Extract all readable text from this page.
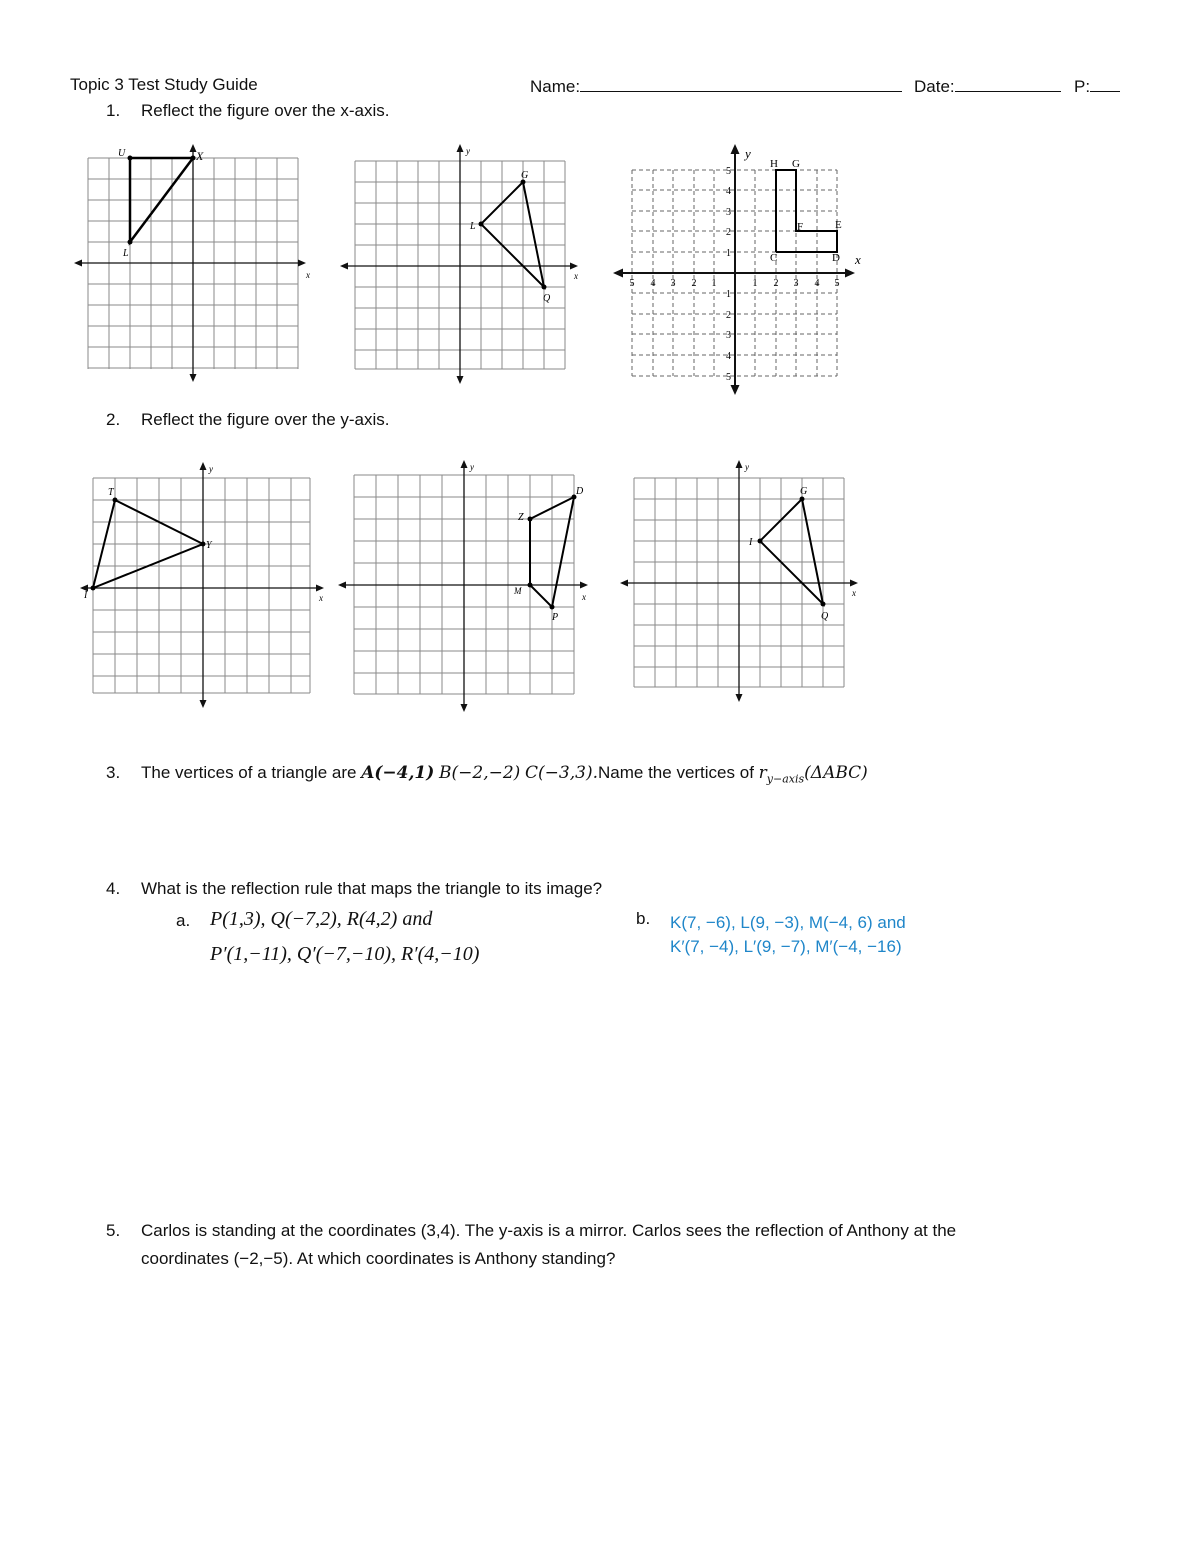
Topic 3 Test Study Guide	Name:	Date:	P:
1. Reflect the figure over the x-axis.
x
U	X
L
y
x
G
L
Q
5 4 3 2 1	1 2 3 4 5
5
4
3
2
1
1
2
3
4
5
y
x
H G
F	E
C	D
2. Reflect the figure over the y-axis.
y
x
T
Y
I
y
x
Z
D
M
P
y
x
G
I
Q
3. The vertices of a triangle are A(−4,1) B(−2,−2) C(−3,3).Name the vertices of $r_{y-axis}(\Delta ABC)$
4. What is the reflection rule that maps the triangle to its image?
a. P(1,3), Q(−7,2), R(4,2) and
P′(1,−11), Q′(−7,−10), R′(4,−10)
b. K(7, −6), L(9, −3), M(−4, 6) and
K′(7, −4), L′(9, −7), M′(−4, −16)
5. Carlos is standing at the coordinates (3,4). The y-axis is a mirror. Carlos sees the reflection of Anthony at the
coordinates (−2,−5). At which coordinates is Anthony standing?
